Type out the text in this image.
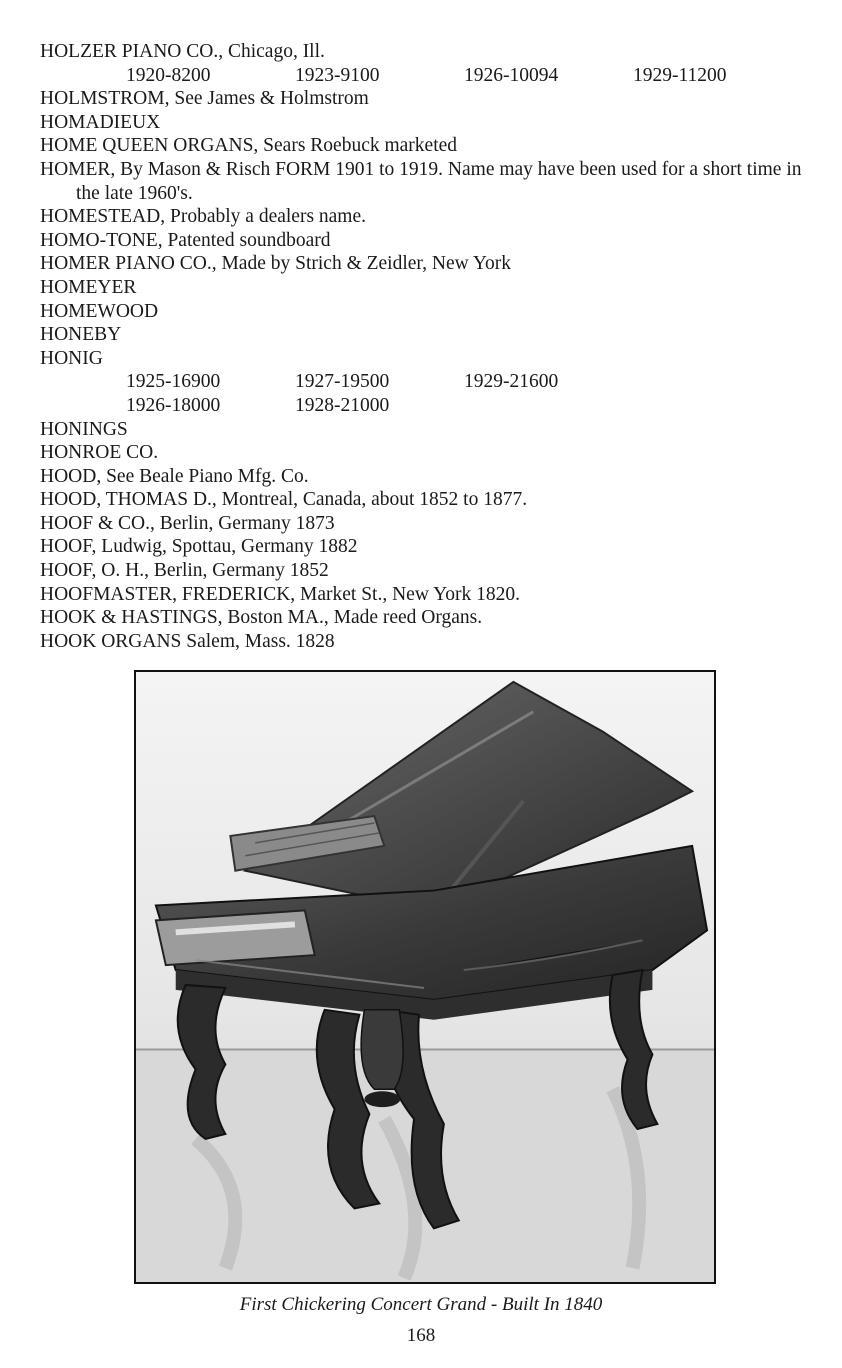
HOLZER PIANO CO., Chicago, Ill.
1920-8200	1923-9100	1926-10094	1929-11200
HOLMSTROM, See James & Holmstrom
HOMADIEUX
HOME QUEEN ORGANS, Sears Roebuck marketed
HOMER, By Mason & Risch FORM 1901 to 1919. Name may have been used for a short time in the late 1960's.
HOMESTEAD, Probably a dealers name.
HOMO-TONE, Patented soundboard
HOMER PIANO CO., Made by Strich & Zeidler, New York
HOMEYER
HOMEWOOD
HONEBY
HONIG
1925-16900	1927-19500	1929-21600
1926-18000	1928-21000
HONINGS
HONROE CO.
HOOD, See Beale Piano Mfg. Co.
HOOD, THOMAS D., Montreal, Canada, about 1852 to 1877.
HOOF & CO., Berlin, Germany 1873
HOOF, Ludwig, Spottau, Germany 1882
HOOF, O. H., Berlin, Germany 1852
HOOFMASTER, FREDERICK, Market St., New York 1820.
HOOK & HASTINGS, Boston MA., Made reed Organs.
HOOK ORGANS Salem, Mass. 1828
First Chickering Concert Grand - Built In 1840
168
